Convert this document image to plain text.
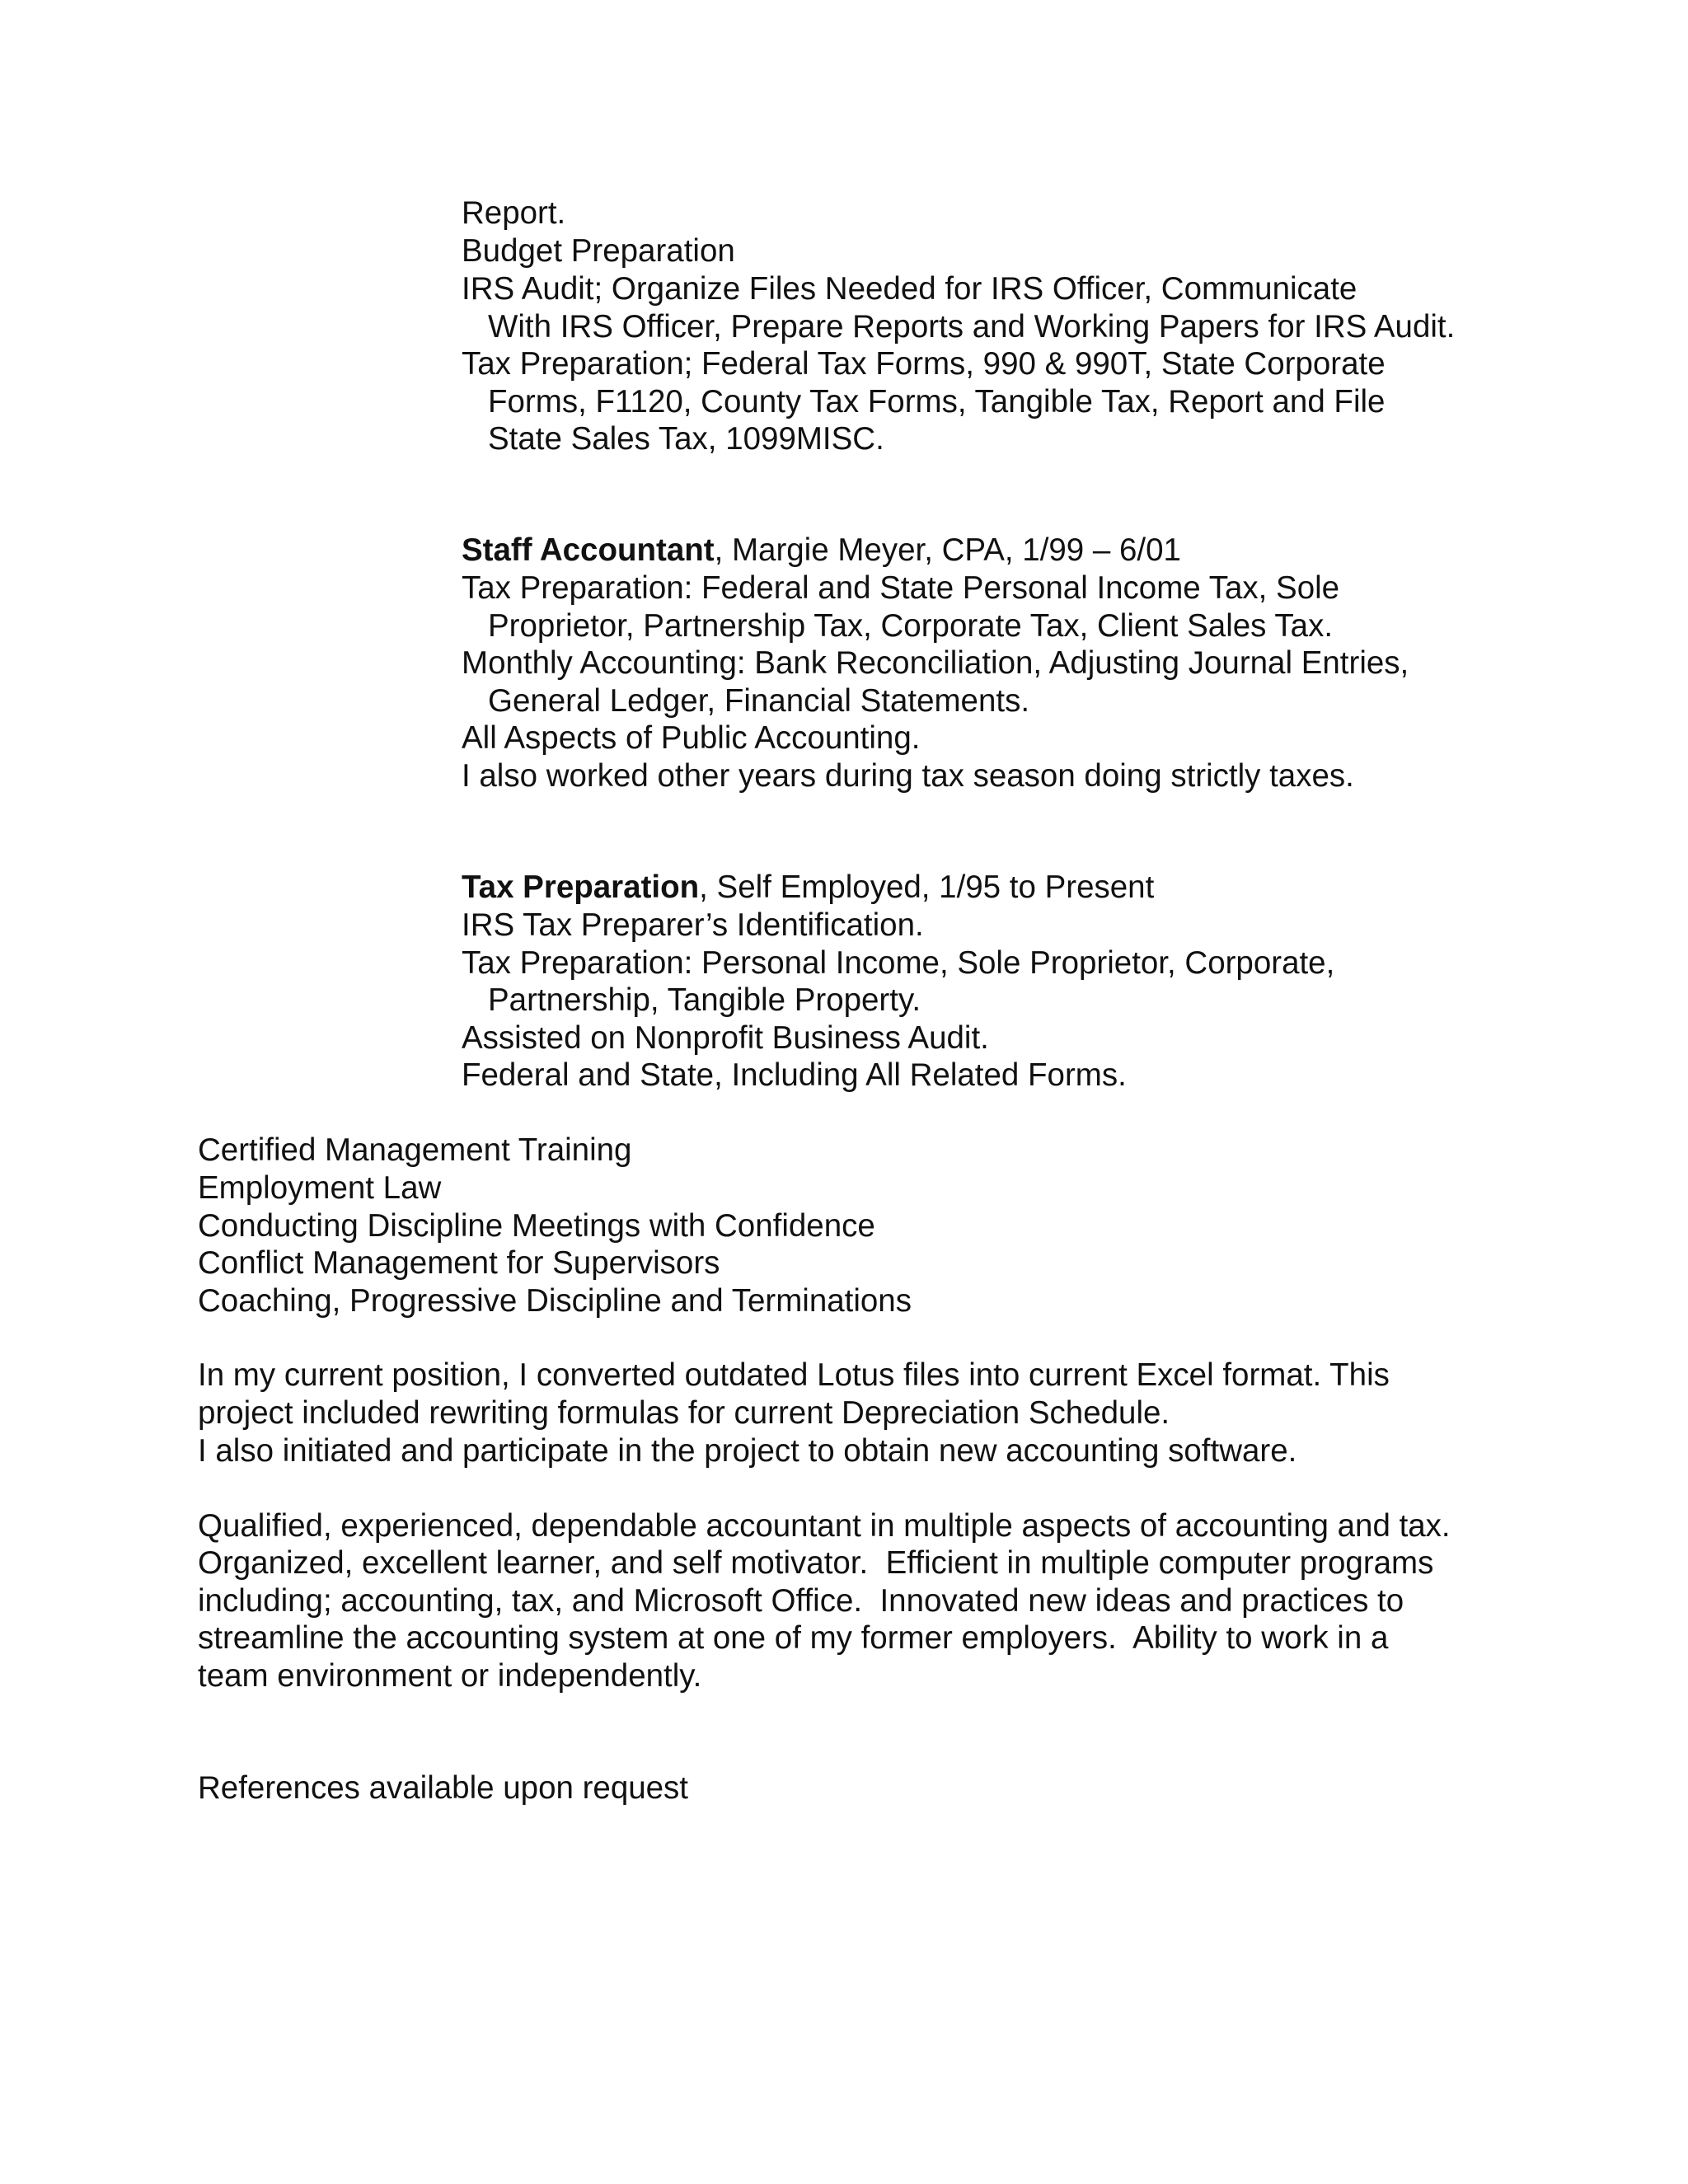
Report.

Budget Preparation

IRS Audit; Organize Files Needed for IRS Officer, Communicate

With IRS Officer, Prepare Reports and Working Papers for IRS Audit.

Tax Preparation; Federal Tax Forms, 990 & 990T, State Corporate

Forms, F1120, County Tax Forms, Tangible Tax, Report and File

State Sales Tax, 1099MISC.

Staff Accountant, Margie Meyer, CPA, 1/99 – 6/01

Tax Preparation: Federal and State Personal Income Tax, Sole

Proprietor, Partnership Tax, Corporate Tax, Client Sales Tax.

Monthly Accounting: Bank Reconciliation, Adjusting Journal Entries,

General Ledger, Financial Statements.

All Aspects of Public Accounting.

I also worked other years during tax season doing strictly taxes.

Tax Preparation, Self Employed, 1/95 to Present

IRS Tax Preparer’s Identification.

Tax Preparation: Personal Income, Sole Proprietor, Corporate,

Partnership, Tangible Property.

Assisted on Nonprofit Business Audit.

Federal and State, Including All Related Forms.

Certified Management Training

Employment Law

Conducting Discipline Meetings with Confidence

Conflict Management for Supervisors

Coaching, Progressive Discipline and Terminations

In my current position, I converted outdated Lotus files into current Excel format. This

project included rewriting formulas for current Depreciation Schedule.

I also initiated and participate in the project to obtain new accounting software.

Qualified, experienced, dependable accountant in multiple aspects of accounting and tax.

Organized, excellent learner, and self motivator.  Efficient in multiple computer programs

including; accounting, tax, and Microsoft Office.  Innovated new ideas and practices to

streamline the accounting system at one of my former employers.  Ability to work in a

team environment or independently.

References available upon request
